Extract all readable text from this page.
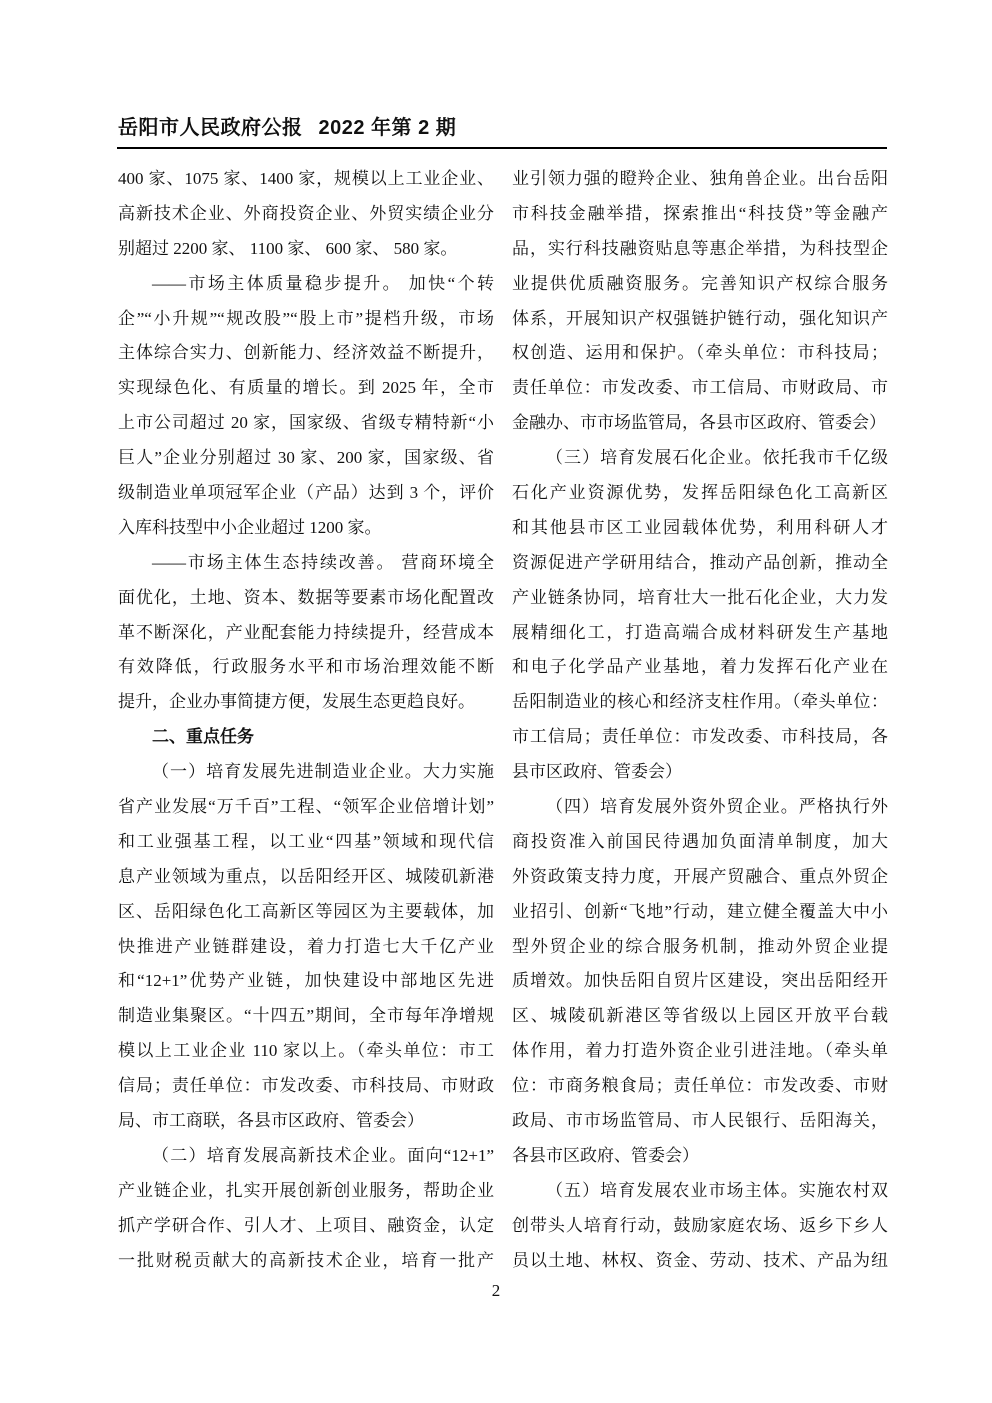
岳阳市人民政府公报 2022 年第 2 期
400 家、1075 家、1400 家，规模以上工业企业、
高新技术企业、外商投资企业、外贸实绩企业分
别超过 2200 家、 1100 家、 600 家、 580 家。
——市场主体质量稳步提升。 加快“个转
企”“小升规”“规改股”“股上市”提档升级，市场
主体综合实力、创新能力、经济效益不断提升，
实现绿色化、有质量的增长。到 2025 年，全市
上市公司超过 20 家，国家级、省级专精特新“小
巨人”企业分别超过 30 家、200 家，国家级、省
级制造业单项冠军企业（产品）达到 3 个，评价
入库科技型中小企业超过 1200 家。
——市场主体生态持续改善。 营商环境全
面优化，土地、资本、数据等要素市场化配置改
革不断深化，产业配套能力持续提升，经营成本
有效降低，行政服务水平和市场治理效能不断
提升，企业办事简捷方便，发展生态更趋良好。
二、重点任务
（一）培育发展先进制造业企业。大力实施
省产业发展“万千百”工程、“领军企业倍增计划”
和工业强基工程，以工业“四基”领域和现代信
息产业领域为重点，以岳阳经开区、城陵矶新港
区、岳阳绿色化工高新区等园区为主要载体，加
快推进产业链群建设，着力打造七大千亿产业
和“12+1”优势产业链，加快建设中部地区先进
制造业集聚区。“十四五”期间，全市每年净增规
模以上工业企业 110 家以上。（牵头单位：市工
信局；责任单位：市发改委、市科技局、市财政
局、市工商联，各县市区政府、管委会）
（二）培育发展高新技术企业。面向“12+1”
产业链企业，扎实开展创新创业服务，帮助企业
抓产学研合作、引人才、上项目、融资金，认定
一批财税贡献大的高新技术企业，培育一批产
业引领力强的瞪羚企业、独角兽企业。出台岳阳
市科技金融举措，探索推出“科技贷”等金融产
品，实行科技融资贴息等惠企举措，为科技型企
业提供优质融资服务。完善知识产权综合服务
体系，开展知识产权强链护链行动，强化知识产
权创造、运用和保护。（牵头单位：市科技局；
责任单位：市发改委、市工信局、市财政局、市
金融办、市市场监管局，各县市区政府、管委会）
（三）培育发展石化企业。依托我市千亿级
石化产业资源优势，发挥岳阳绿色化工高新区
和其他县市区工业园载体优势，利用科研人才
资源促进产学研用结合，推动产品创新，推动全
产业链条协同，培育壮大一批石化企业，大力发
展精细化工，打造高端合成材料研发生产基地
和电子化学品产业基地，着力发挥石化产业在
岳阳制造业的核心和经济支柱作用。（牵头单位：
市工信局；责任单位：市发改委、市科技局，各
县市区政府、管委会）
（四）培育发展外资外贸企业。严格执行外
商投资准入前国民待遇加负面清单制度，加大
外资政策支持力度，开展产贸融合、重点外贸企
业招引、创新“飞地”行动，建立健全覆盖大中小
型外贸企业的综合服务机制，推动外贸企业提
质增效。加快岳阳自贸片区建设，突出岳阳经开
区、城陵矶新港区等省级以上园区开放平台载
体作用，着力打造外资企业引进洼地。（牵头单
位：市商务粮食局；责任单位：市发改委、市财
政局、市市场监管局、市人民银行、岳阳海关，
各县市区政府、管委会）
（五）培育发展农业市场主体。实施农村双
创带头人培育行动，鼓励家庭农场、返乡下乡人
员以土地、林权、资金、劳动、技术、产品为纽
2
